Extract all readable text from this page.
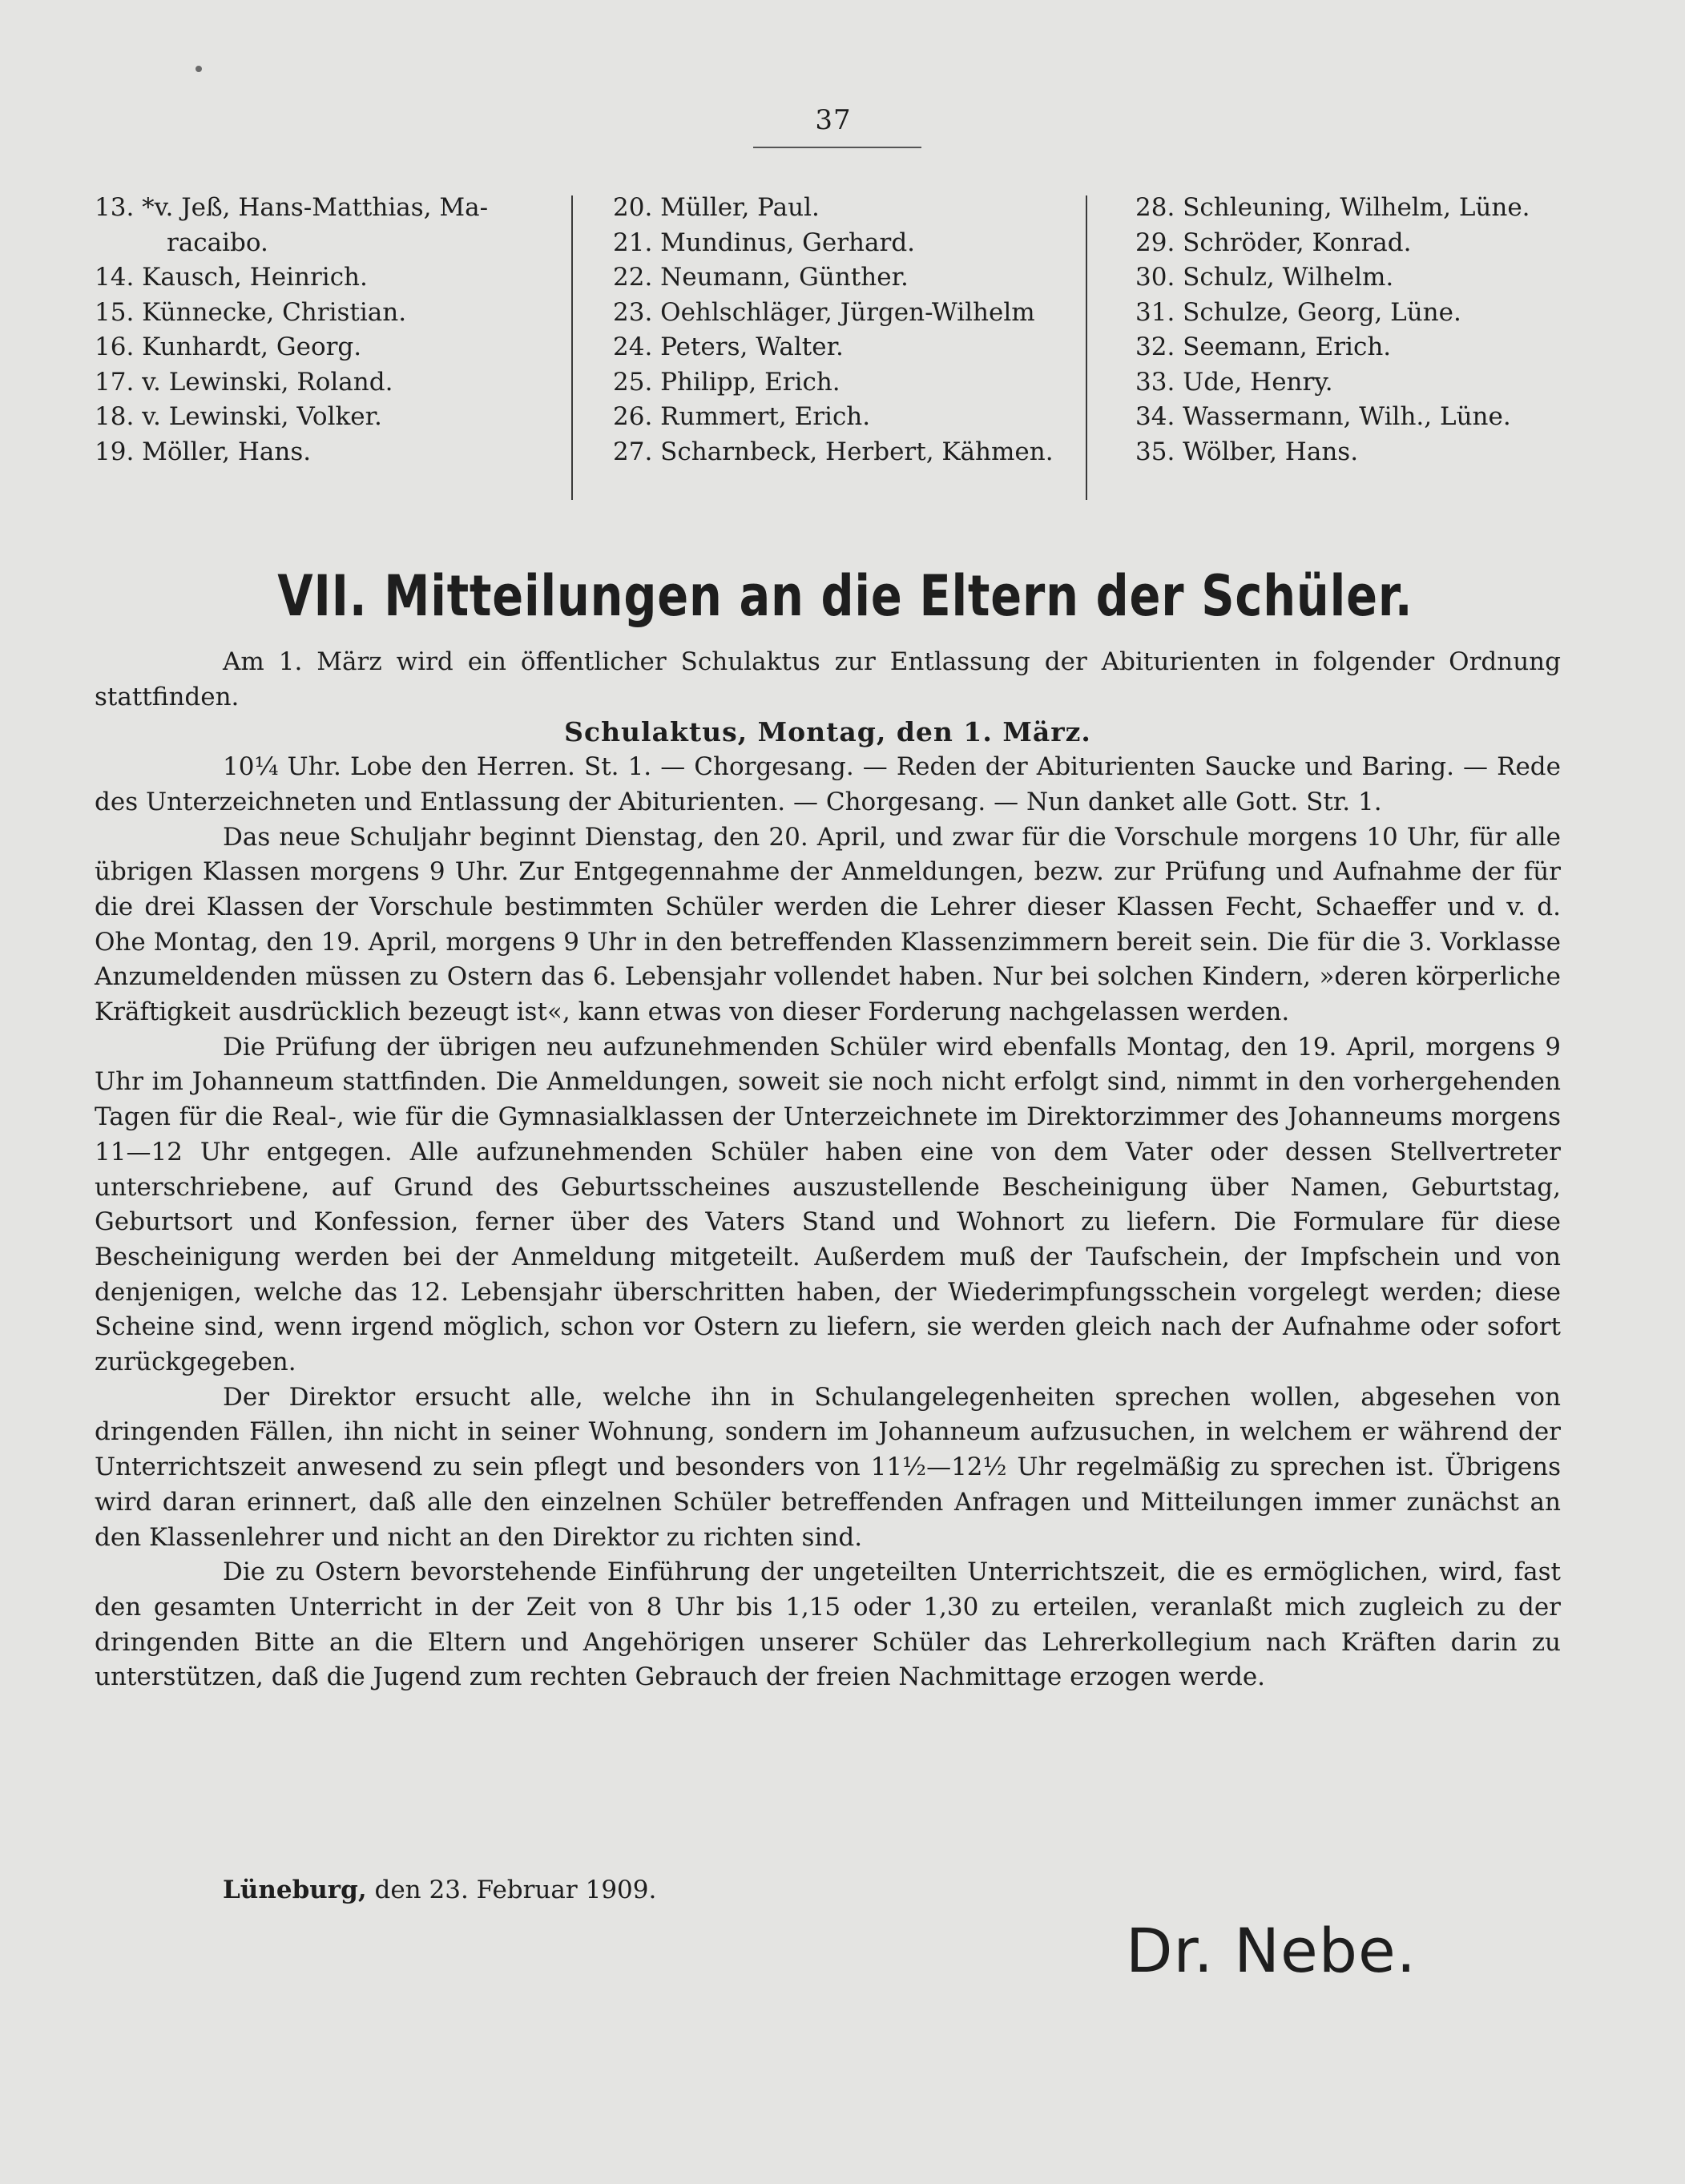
37
13. *v. Jeß, Hans-Matthias, Ma-
racaibo.
14. Kausch, Heinrich.
15. Künnecke, Christian.
16. Kunhardt, Georg.
17. v. Lewinski, Roland.
18. v. Lewinski, Volker.
19. Möller, Hans.
20. Müller, Paul.
21. Mundinus, Gerhard.
22. Neumann, Günther.
23. Oehlschläger, Jürgen-Wilhelm
24. Peters, Walter.
25. Philipp, Erich.
26. Rummert, Erich.
27. Scharnbeck, Herbert, Kähmen.
28. Schleuning, Wilhelm, Lüne.
29. Schröder, Konrad.
30. Schulz, Wilhelm.
31. Schulze, Georg, Lüne.
32. Seemann, Erich.
33. Ude, Henry.
34. Wassermann, Wilh., Lüne.
35. Wölber, Hans.
VII. Mitteilungen an die Eltern der Schüler.

Am 1. März wird ein öffentlicher Schulaktus zur Entlassung der Abiturienten in folgender Ordnung stattfinden.

Schulaktus, Montag, den 1. März.

10¼ Uhr. Lobe den Herren. St. 1. — Chorgesang. — Reden der Abiturienten Saucke und Baring. — Rede des Unterzeichneten und Entlassung der Abiturienten. — Chorgesang. — Nun danket alle Gott. Str. 1.

Das neue Schuljahr beginnt Dienstag, den 20. April, und zwar für die Vorschule morgens 10 Uhr, für alle übrigen Klassen morgens 9 Uhr. Zur Entgegennahme der Anmeldungen, bezw. zur Prüfung und Aufnahme der für die drei Klassen der Vorschule bestimmten Schüler werden die Lehrer dieser Klassen Fecht, Schaeffer und v. d. Ohe Montag, den 19. April, morgens 9 Uhr in den betreffenden Klassenzimmern bereit sein. Die für die 3. Vorklasse Anzumeldenden müssen zu Ostern das 6. Lebensjahr vollendet haben. Nur bei solchen Kindern, »deren körperliche Kräftigkeit ausdrücklich bezeugt ist«, kann etwas von dieser Forderung nachgelassen werden.

Die Prüfung der übrigen neu aufzunehmenden Schüler wird ebenfalls Montag, den 19. April, morgens 9 Uhr im Johanneum stattfinden. Die Anmeldungen, soweit sie noch nicht erfolgt sind, nimmt in den vorhergehenden Tagen für die Real-, wie für die Gymnasialklassen der Unterzeichnete im Direktorzimmer des Johanneums morgens 11—12 Uhr entgegen. Alle aufzunehmenden Schüler haben eine von dem Vater oder dessen Stellvertreter unterschriebene, auf Grund des Geburtsscheines auszustellende Bescheinigung über Namen, Geburtstag, Geburtsort und Konfession, ferner über des Vaters Stand und Wohnort zu liefern. Die Formulare für diese Bescheinigung werden bei der Anmeldung mitgeteilt. Außerdem muß der Taufschein, der Impfschein und von denjenigen, welche das 12. Lebensjahr überschritten haben, der Wiederimpfungsschein vorgelegt werden; diese Scheine sind, wenn irgend möglich, schon vor Ostern zu liefern, sie werden gleich nach der Aufnahme oder sofort zurückgegeben.

Der Direktor ersucht alle, welche ihn in Schulangelegenheiten sprechen wollen, abgesehen von dringenden Fällen, ihn nicht in seiner Wohnung, sondern im Johanneum aufzusuchen, in welchem er während der Unterrichtszeit anwesend zu sein pflegt und besonders von 11½—12½ Uhr regelmäßig zu sprechen ist. Übrigens wird daran erinnert, daß alle den einzelnen Schüler betreffenden Anfragen und Mitteilungen immer zunächst an den Klassenlehrer und nicht an den Direktor zu richten sind.

Die zu Ostern bevorstehende Einführung der ungeteilten Unterrichtszeit, die es ermöglichen, wird, fast den gesamten Unterricht in der Zeit von 8 Uhr bis 1,15 oder 1,30 zu erteilen, veranlaßt mich zugleich zu der dringenden Bitte an die Eltern und Angehörigen unserer Schüler das Lehrerkollegium nach Kräften darin zu unterstützen, daß die Jugend zum rechten Gebrauch der freien Nachmittage erzogen werde.

Lüneburg, den 23. Februar 1909.
Dr. Nebe.
